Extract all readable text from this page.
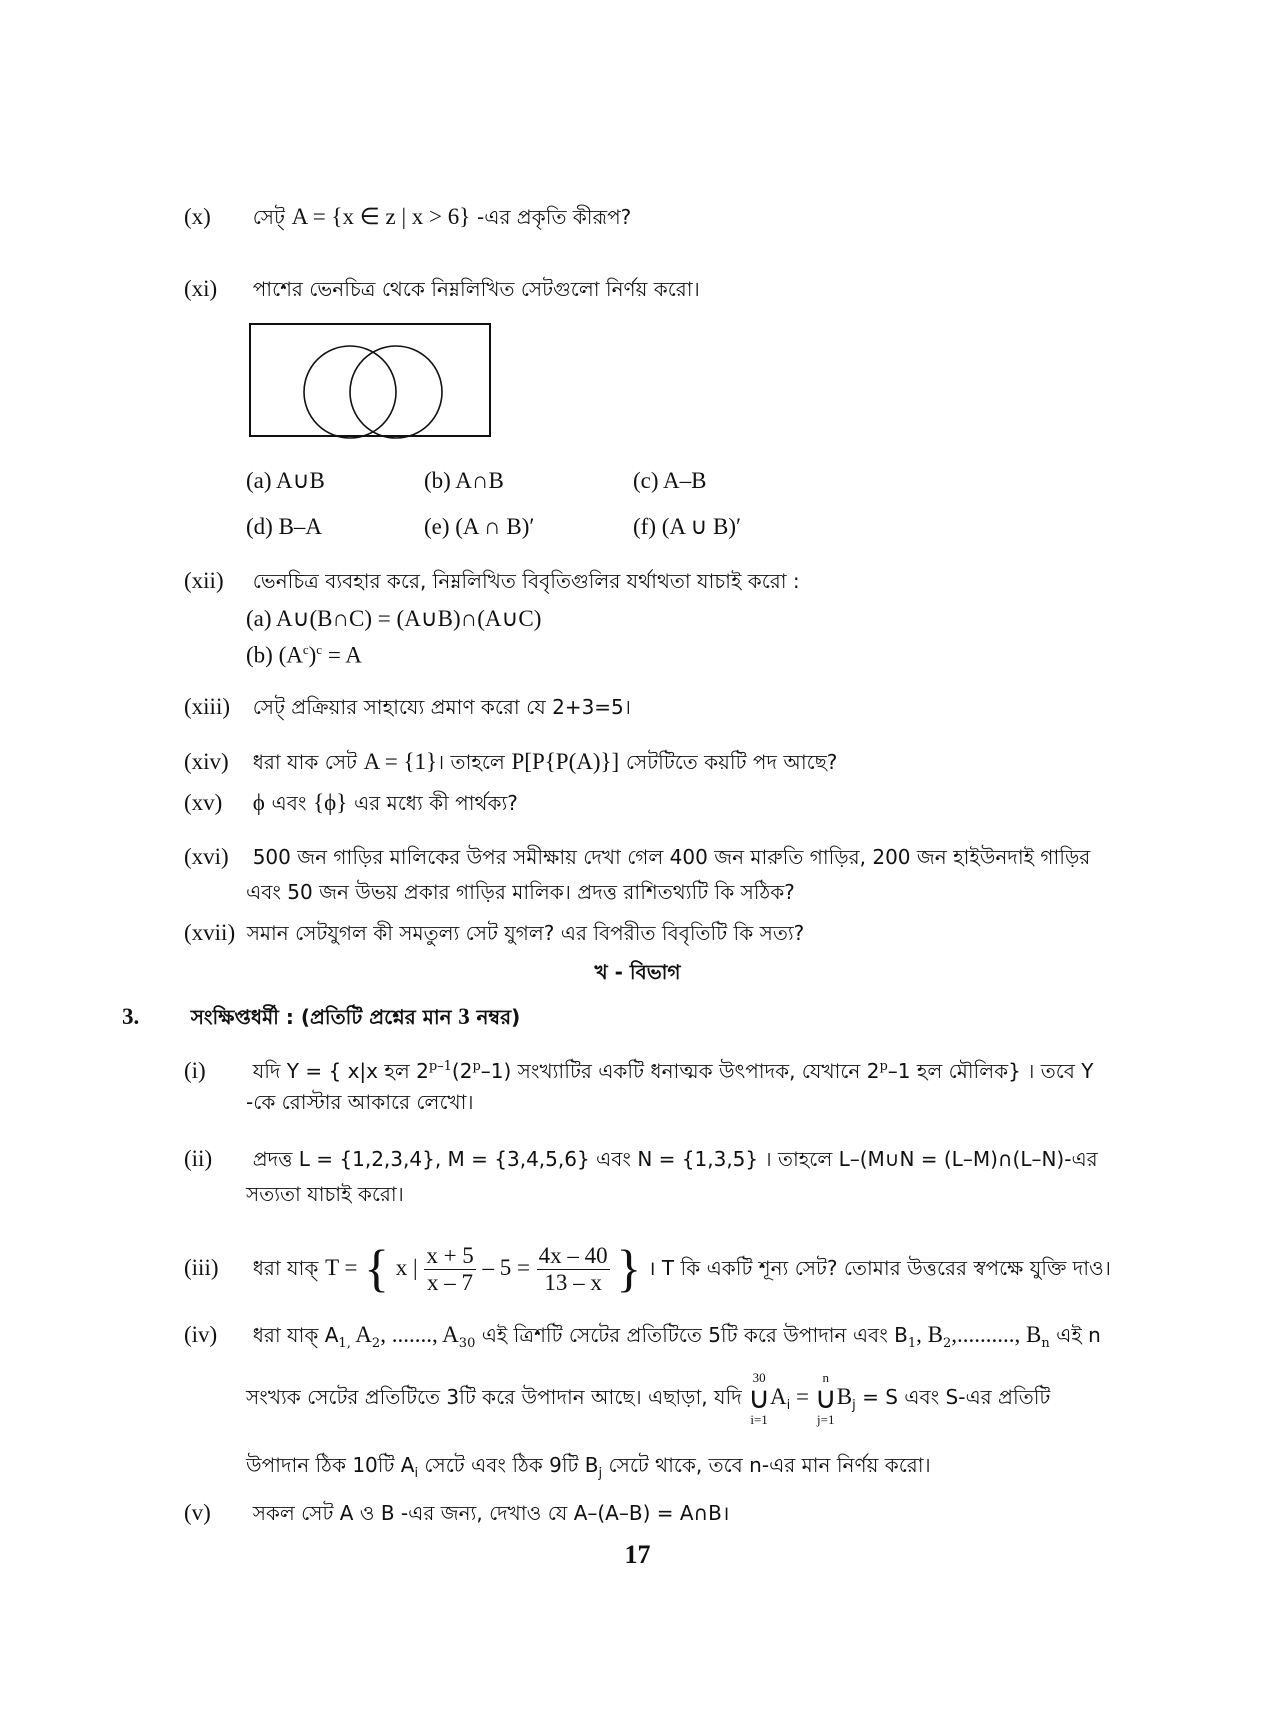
(x) সেট্ A = {x ∈ z | x > 6} -এর প্রকৃতি কীরূপ?
(xi) পাশের ভেনচিত্র থেকে নিম্নলিখিত সেটগুলো নির্ণয় করো।
(a) A∪B	(b) A∩B	(c) A–B
(d) B–A	(e) (A ∩ B)′	(f) (A ∪ B)′
(xii) ভেনচিত্র ব্যবহার করে, নিম্নলিখিত বিবৃতিগুলির যর্থাথতা যাচাই করো :
(a) A∪(B∩C) = (A∪B)∩(A∪C)
(b) $(A^c)^c = A$
(xiii) সেট্ প্রক্রিয়ার সাহায্যে প্রমাণ করো যে 2+3=5।
(xiv) ধরা যাক সেট A = {1}। তাহলে P[P{P(A)}] সেটটিতে কয়টি পদ আছে?
(xv) ϕ এবং {ϕ} এর মধ্যে কী পার্থক্য?
(xvi) 500 জন গাড়ির মালিকের উপর সমীক্ষায় দেখা গেল 400 জন মারুতি গাড়ির, 200 জন হাইউনদাই গাড়ির
এবং 50 জন উভয় প্রকার গাড়ির মালিক। প্রদত্ত রাশিতথ্যটি কি সঠিক?
(xvii) সমান সেটযুগল কী সমতুল্য সেট যুগল? এর বিপরীত বিবৃতিটি কি সত্য?
খ - বিভাগ
3.	সংক্ষিপ্তধর্মী : (প্রতিটি প্রশ্নের মান 3 নম্বর)
(i) যদি Y = { x|x হল 2$^{p-1}$(2$^p$–1) সংখ্যাটির একটি ধনাত্মক উৎপাদক, যেখানে 2$^p$–1 হল মৌলিক} । তবে Y
-কে রোস্টার আকারে লেখো।
(ii) প্রদত্ত L = {1,2,3,4}, M = {3,4,5,6} এবং N = {1,3,5} । তাহলে L–(M∪N = (L–M)∩(L–N)-এর
সত্যতা যাচাই করো।
(iii) ধরা যাক্ T = { x | $\frac{x + 5}{x - 7} - 5 = \frac{4x - 40}{13 - x}$ } । T কি একটি শূন্য সেট? তোমার উত্তরের স্বপক্ষে যুক্তি দাও।
(iv) ধরা যাক্ $A_{1,}$ $A_2$, ......., $A_{30}$ এই ত্রিশটি সেটের প্রতিটিতে 5টি করে উপাদান এবং $B_1$, $B_2$,.........., $B_n$ এই n
সংখ্যক সেটের প্রতিটিতে 3টি করে উপাদান আছে। এছাড়া, যদি
30
∪
i=1
$A_i$ =
n
∪
j=1
$B_j = S$ এবং S-এর প্রতিটি
উপাদান ঠিক 10টি $A_i$ সেটে এবং ঠিক 9টি $B_j$ সেটে থাকে, তবে n-এর মান নির্ণয় করো।
(v) সকল সেট A ও B -এর জন্য, দেখাও যে A–(A–B) = A∩B।
17
